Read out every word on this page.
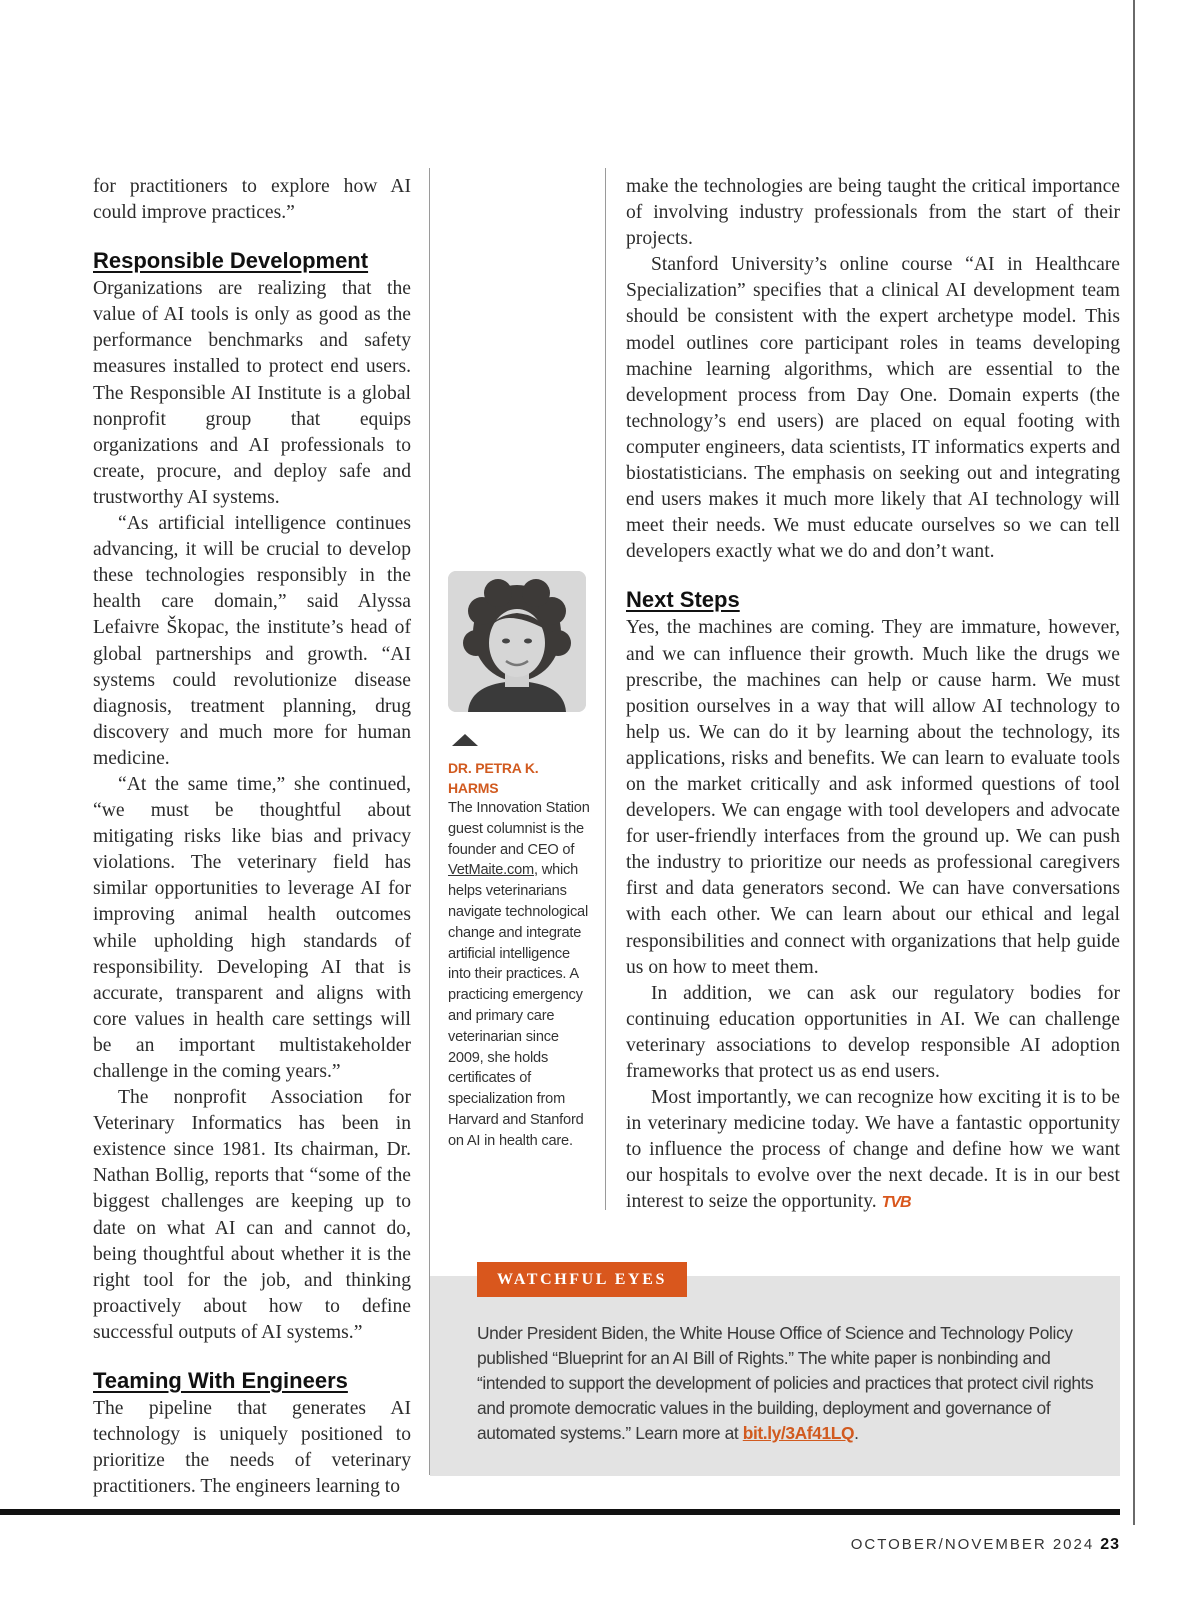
for practitioners to explore how AI could improve practices.”

Responsible Development

Organizations are realizing that the value of AI tools is only as good as the performance benchmarks and safety measures installed to protect end users. The Responsible AI Institute is a global nonprofit group that equips organizations and AI professionals to create, procure, and deploy safe and trustworthy AI systems.

“As artificial intelligence continues advancing, it will be crucial to develop these technologies responsibly in the health care domain,” said Alyssa Lefaivre Škopac, the institute’s head of global partnerships and growth. “AI systems could revolutionize disease diagnosis, treatment planning, drug discovery and much more for human medicine.

“At the same time,” she continued, “we must be thoughtful about mitigating risks like bias and privacy violations. The veterinary field has similar opportunities to leverage AI for improving animal health outcomes while upholding high standards of responsibility. Developing AI that is accurate, transparent and aligns with core values in health care settings will be an important multistakeholder challenge in the coming years.”

The nonprofit Association for Veterinary Informatics has been in existence since 1981. Its chairman, Dr. Nathan Bollig, reports that “some of the biggest challenges are keeping up to date on what AI can and cannot do, being thoughtful about whether it is the right tool for the job, and thinking proactively about how to define successful outputs of AI systems.”

Teaming With Engineers

The pipeline that generates AI technology is uniquely positioned to prioritize the needs of veterinary practitioners. The engineers learning to

DR. PETRA K. HARMS
The Innovation Station guest columnist is the founder and CEO of VetMaite.com, which helps veterinarians navigate technological change and integrate artificial intelligence into their practices. A practicing emergency and primary care veterinarian since 2009, she holds certificates of specialization from Harvard and Stanford on AI in health care.

make the technologies are being taught the critical importance of involving industry professionals from the start of their projects.

Stanford University’s online course “AI in Healthcare Specialization” specifies that a clinical AI development team should be consistent with the expert archetype model. This model outlines core participant roles in teams developing machine learning algorithms, which are essential to the development process from Day One. Domain experts (the technology’s end users) are placed on equal footing with computer engineers, data scientists, IT informatics experts and biostatisticians. The emphasis on seeking out and integrating end users makes it much more likely that AI technology will meet their needs. We must educate ourselves so we can tell developers exactly what we do and don’t want.

Next Steps

Yes, the machines are coming. They are immature, however, and we can influence their growth. Much like the drugs we prescribe, the machines can help or cause harm. We must position ourselves in a way that will allow AI technology to help us. We can do it by learning about the technology, its applications, risks and benefits. We can learn to evaluate tools on the market critically and ask informed questions of tool developers. We can engage with tool developers and advocate for user-friendly interfaces from the ground up. We can push the industry to prioritize our needs as professional caregivers first and data generators second. We can have conversations with each other. We can learn about our ethical and legal responsibilities and connect with organizations that help guide us on how to meet them.

In addition, we can ask our regulatory bodies for continuing education opportunities in AI. We can challenge veterinary associations to develop responsible AI adoption frameworks that protect us as end users.

Most importantly, we can recognize how exciting it is to be in veterinary medicine today. We have a fantastic opportunity to influence the process of change and define how we want our hospitals to evolve over the next decade. It is in our best interest to seize the opportunity. TVB

WATCHFUL EYES
Under President Biden, the White House Office of Science and Technology Policy published “Blueprint for an AI Bill of Rights.” The white paper is nonbinding and “intended to support the development of policies and practices that protect civil rights and promote democratic values in the building, deployment and governance of automated systems.” Learn more at bit.ly/3Af41LQ.
OCTOBER/NOVEMBER 2024 23
